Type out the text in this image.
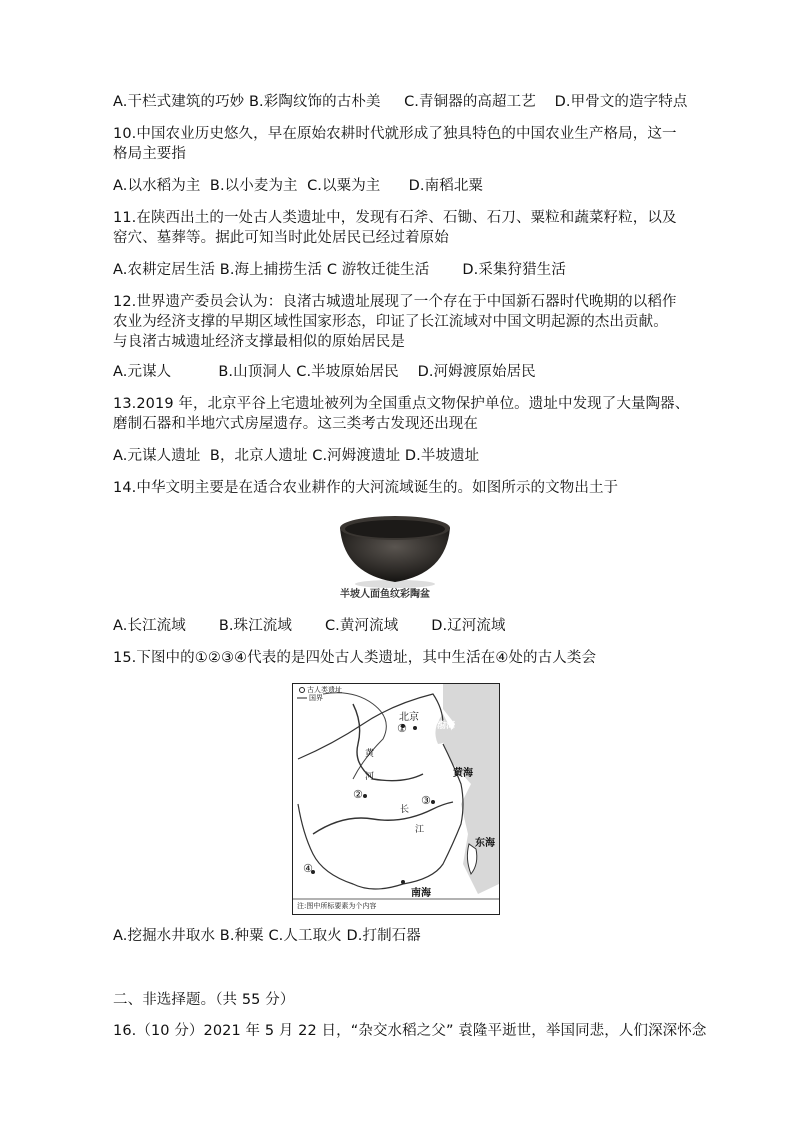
A.干栏式建筑的巧妙 B.彩陶纹饰的古朴美     C.青铜器的高超工艺    D.甲骨文的造字特点
10.中国农业历史悠久，早在原始农耕时代就形成了独具特色的中国农业生产格局，这一
格局主要指
A.以水稻为主  B.以小麦为主  C.以粟为主      D.南稻北粟
11.在陕西出土的一处古人类遗址中，发现有石斧、石锄、石刀、粟粒和蔬菜籽粒，以及
窑穴、墓葬等。据此可知当时此处居民已经过着原始
A.农耕定居生活 B.海上捕捞生活 C 游牧迁徙生活       D.采集狩猎生活
12.世界遗产委员会认为：良渚古城遗址展现了一个存在于中国新石器时代晚期的以稻作
农业为经济支撑的早期区域性国家形态，印证了长江流域对中国文明起源的杰出贡献。
与良渚古城遗址经济支撑最相似的原始居民是
A.元谋人          B.山顶洞人 C.半坡原始居民    D.河姆渡原始居民
13.2019 年，北京平谷上宅遗址被列为全国重点文物保护单位。遗址中发现了大量陶器、
磨制石器和半地穴式房屋遗存。这三类考古发现还出现在
A.元谋人遗址  B，北京人遗址 C.河姆渡遗址 D.半坡遗址
14.中华文明主要是在适合农业耕作的大河流域诞生的。如图所示的文物出土于
半坡人面鱼纹彩陶盆
A.长江流域       B.珠江流域       C.黄河流域       D.辽河流域
15.下图中的①②③④代表的是四处古人类遗址，其中生活在④处的古人类会
古人类遗址
国界
北京
渤海
①
黄
河	黄海
②	③
长
江
东海
④
南海
注:图中所标要素为个内容
A.挖掘水井取水 B.种粟 C.人工取火 D.打制石器
二、非选择题。（共 55 分）
16.（10 分）2021 年 5 月 22 日，“杂交水稻之父” 袁隆平逝世，举国同悲，人们深深怀念
